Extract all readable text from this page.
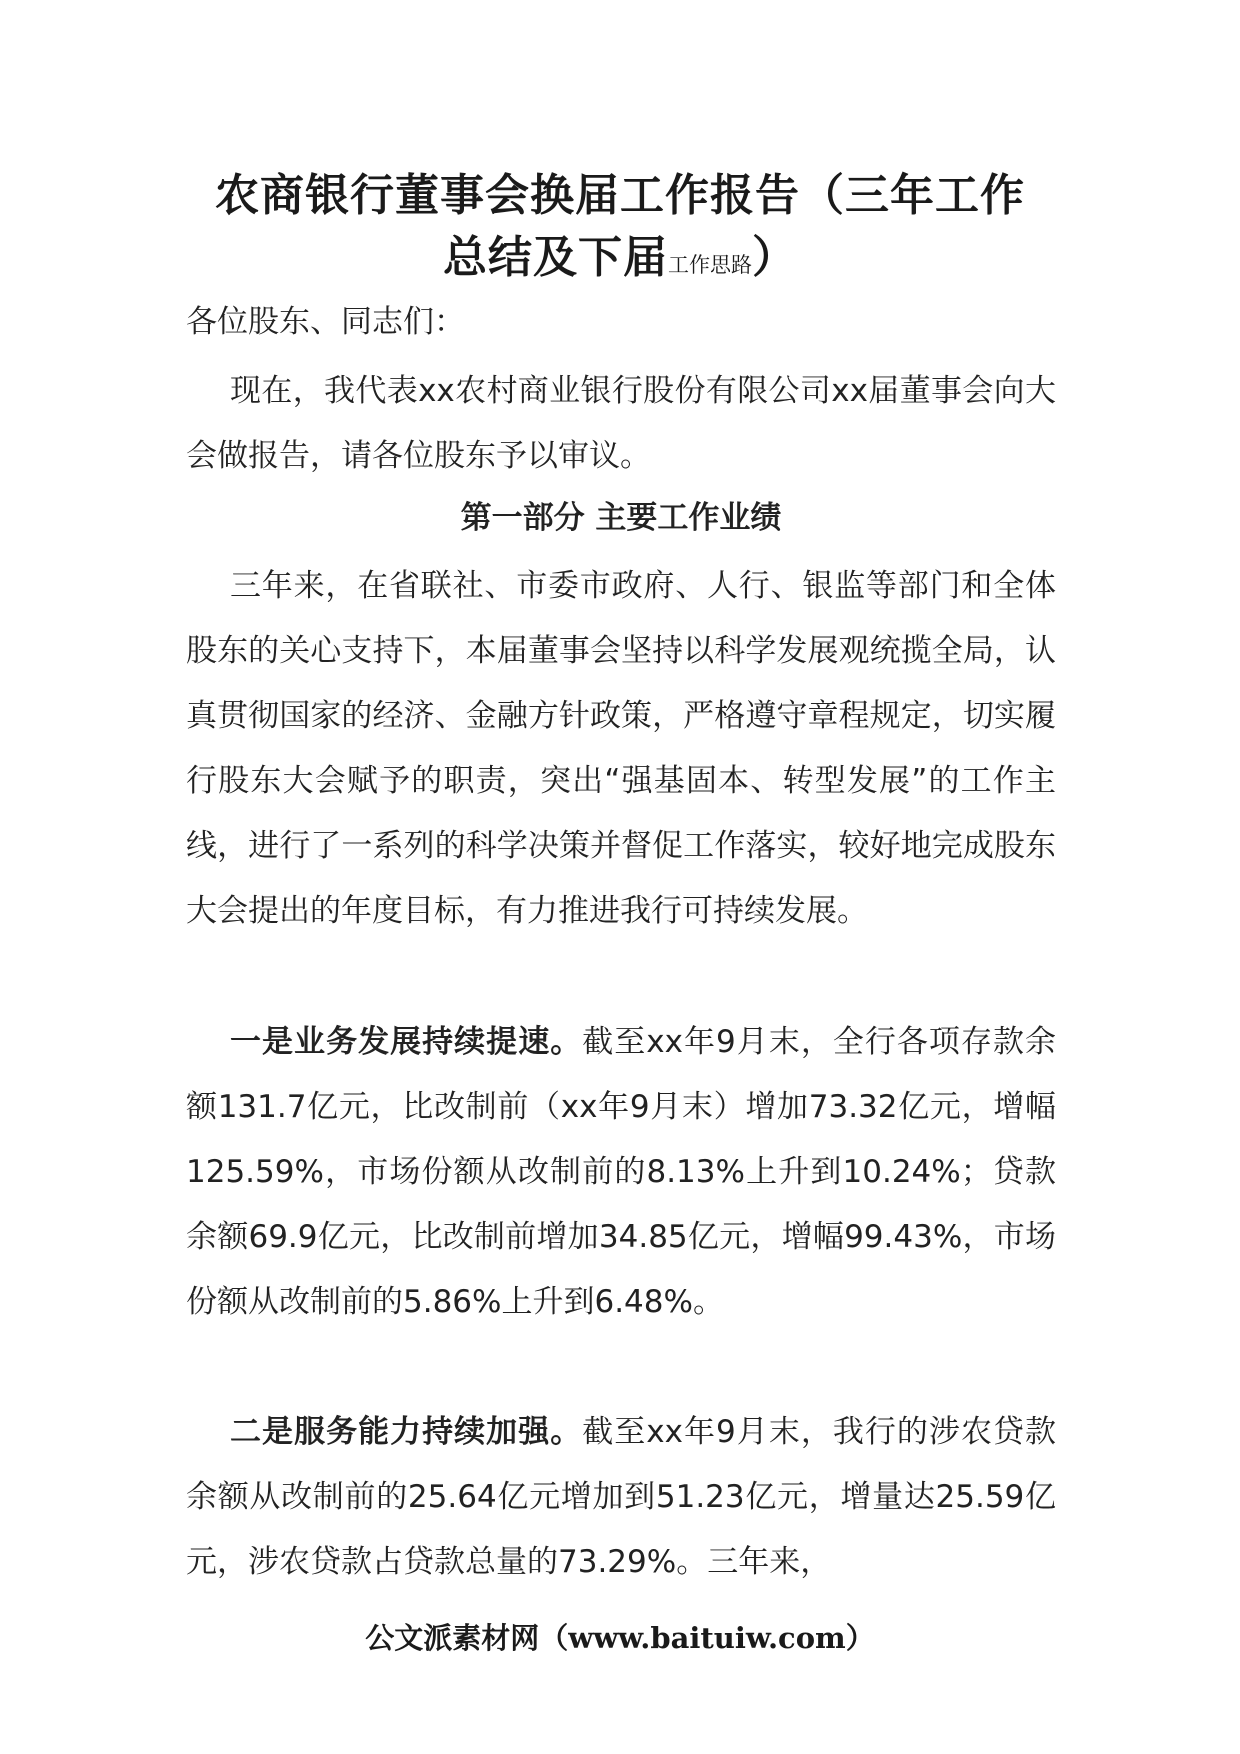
农商银行董事会换届工作报告（三年工作
总结及下届工作思路）
各位股东、同志们：

现在，我代表xx农村商业银行股份有限公司xx届董事会向大会做报告，请各位股东予以审议。

第一部分 主要工作业绩

三年来，在省联社、市委市政府、人行、银监等部门和全体股东的关心支持下，本届董事会坚持以科学发展观统揽全局，认真贯彻国家的经济、金融方针政策，严格遵守章程规定，切实履行股东大会赋予的职责，突出“强基固本、转型发展”的工作主线，进行了一系列的科学决策并督促工作落实，较好地完成股东大会提出的年度目标，有力推进我行可持续发展。

一是业务发展持续提速。截至xx年9月末，全行各项存款余额131.7亿元，比改制前（xx年9月末）增加73.32亿元，增幅125.59%，市场份额从改制前的8.13%上升到10.24%；贷款余额69.9亿元，比改制前增加34.85亿元，增幅99.43%，市场份额从改制前的5.86%上升到6.48%。

二是服务能力持续加强。截至xx年9月末，我行的涉农贷款余额从改制前的25.64亿元增加到51.23亿元，增量达25.59亿元，涉农贷款占贷款总量的73.29%。三年来，

公文派素材网（www.baituiw.com）
